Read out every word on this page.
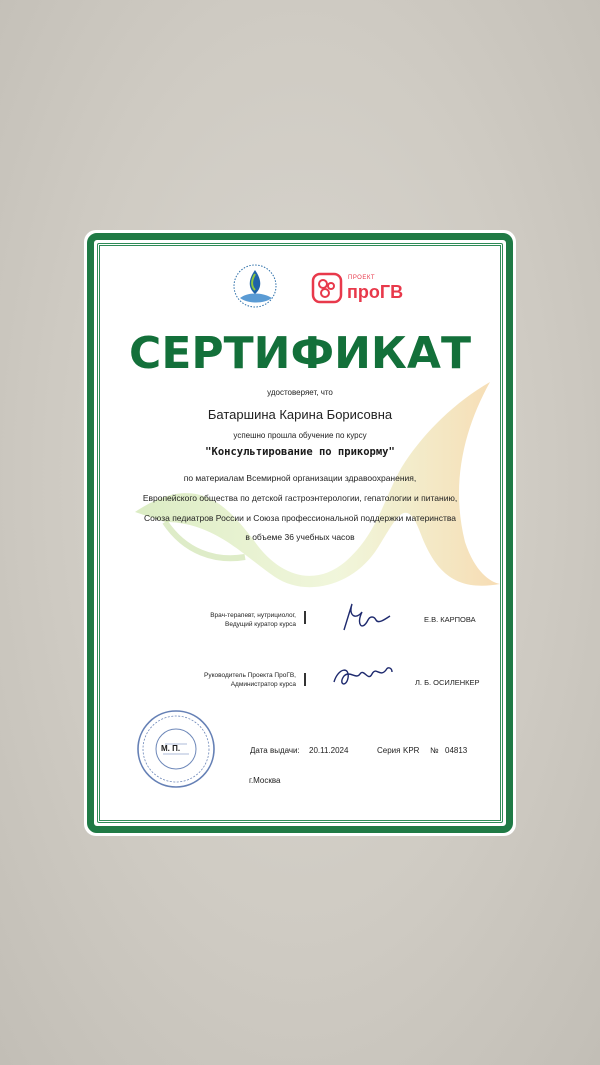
ПРОЕКТ
проГВ
СЕРТИФИКАТ
удостоверяет, что
Батаршина Карина Борисовна
успешно прошла обучение по курсу
"Консультирование по прикорму"
по материалам Всемирной организации здравоохранения,
Европейского общества по детской гастроэнтерологии, гепатологии и питанию,
Союза педиатров России и Союза профессиональной поддержки материнства
в объеме 36 учебных часов
Врач-терапевт, нутрициолог,
Ведущий куратор курса
Е.В. КАРПОВА
Руководитель Проекта ПроГВ,
Администратор курса	Л. Б. ОСИЛЕНКЕР
М. П.	Дата выдачи: 20.11.2024	Серия KPR № 04813
г.Москва
